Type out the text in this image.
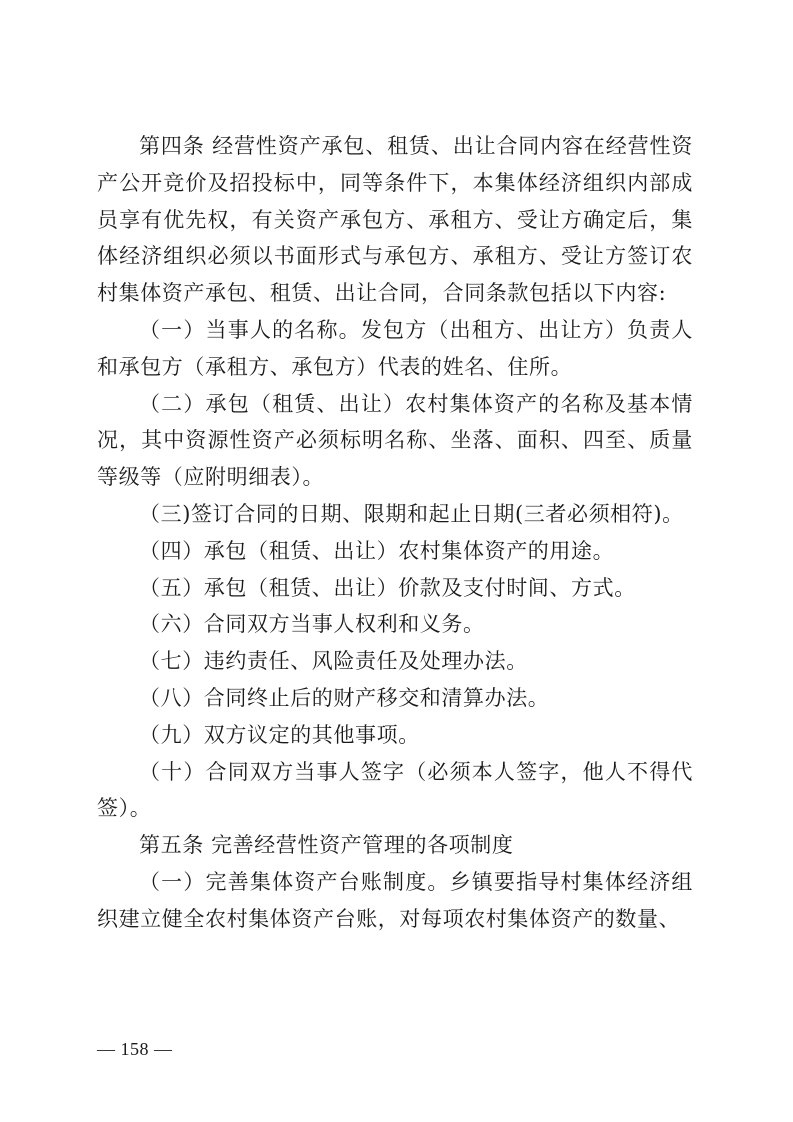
第四条 经营性资产承包、租赁、出让合同内容在经营性资产公开竞价及招投标中，同等条件下，本集体经济组织内部成员享有优先权，有关资产承包方、承租方、受让方确定后，集体经济组织必须以书面形式与承包方、承租方、受让方签订农村集体资产承包、租赁、出让合同，合同条款包括以下内容:

（一）当事人的名称。发包方（出租方、出让方）负责人和承包方（承租方、承包方）代表的姓名、住所。

（二）承包（租赁、出让）农村集体资产的名称及基本情况，其中资源性资产必须标明名称、坐落、面积、四至、质量等级等（应附明细表）。

（三)签订合同的日期、限期和起止日期(三者必须相符)。

（四）承包（租赁、出让）农村集体资产的用途。

（五）承包（租赁、出让）价款及支付时间、方式。

（六）合同双方当事人权利和义务。

（七）违约责任、风险责任及处理办法。

（八）合同终止后的财产移交和清算办法。

（九）双方议定的其他事项。

（十）合同双方当事人签字（必须本人签字，他人不得代签）。

第五条 完善经营性资产管理的各项制度

（一）完善集体资产台账制度。乡镇要指导村集体经济组织建立健全农村集体资产台账，对每项农村集体资产的数量、

— 158 —
